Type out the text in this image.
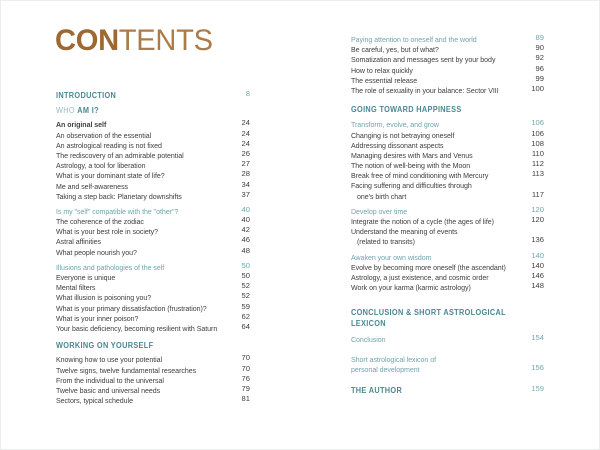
CONTENTS
INTRODUCTION	8
WHO AM I?
An original self	24
An observation of the essential	24
An astrological reading is not fixed	24
The rediscovery of an admirable potential	26
Astrology, a tool for liberation	27
What is your dominant state of life?	28
Me and self-awareness	34
Taking a step back: Planetary downshifts	37
Is my "self" compatible with the "other"?	40
The coherence of the zodiac	40
What is your best role in society?	42
Astral affinities	46
What people nourish you?	48
Illusions and pathologies of the self	50
Everyone is unique	50
Mental filters	52
What illusion is poisoning you?	52
What is your primary dissatisfaction (frustration)?	59
What is your inner poison?	62
Your basic deficiency, becoming resilient with Saturn	64
WORKING ON YOURSELF
Knowing how to use your potential	70
Twelve signs, twelve fundamental researches	70
From the individual to the universal	76
Twelve basic and universal needs	79
Sectors, typical schedule	81
Paying attention to oneself and the world	89
Be careful, yes, but of what?	90
Somatization and messages sent by your body	92
How to relax quickly	96
The essential release	99
The role of sexuality in your balance: Sector VIII	100
GOING TOWARD HAPPINESS
Transform, evolve, and grow	106
Changing is not betraying oneself	106
Addressing dissonant aspects	108
Managing desires with Mars and Venus	110
The notion of well-being with the Moon	112
Break free of mind conditioning with Mercury	113
Facing suffering and difficulties through
one's birth chart	117
Develop over time	120
Integrate the notion of a cycle (the ages of life)	120
Understand the meaning of events
(related to transits)	136
Awaken your own wisdom	140
Evolve by becoming more oneself (the ascendant)	140
Astrology, a just existence, and cosmic order	146
Work on your karma (karmic astrology)	148
CONCLUSION & SHORT ASTROLOGICAL
LEXICON
Conclusion	154
Short astrological lexicon of
personal development	156
THE AUTHOR	159
